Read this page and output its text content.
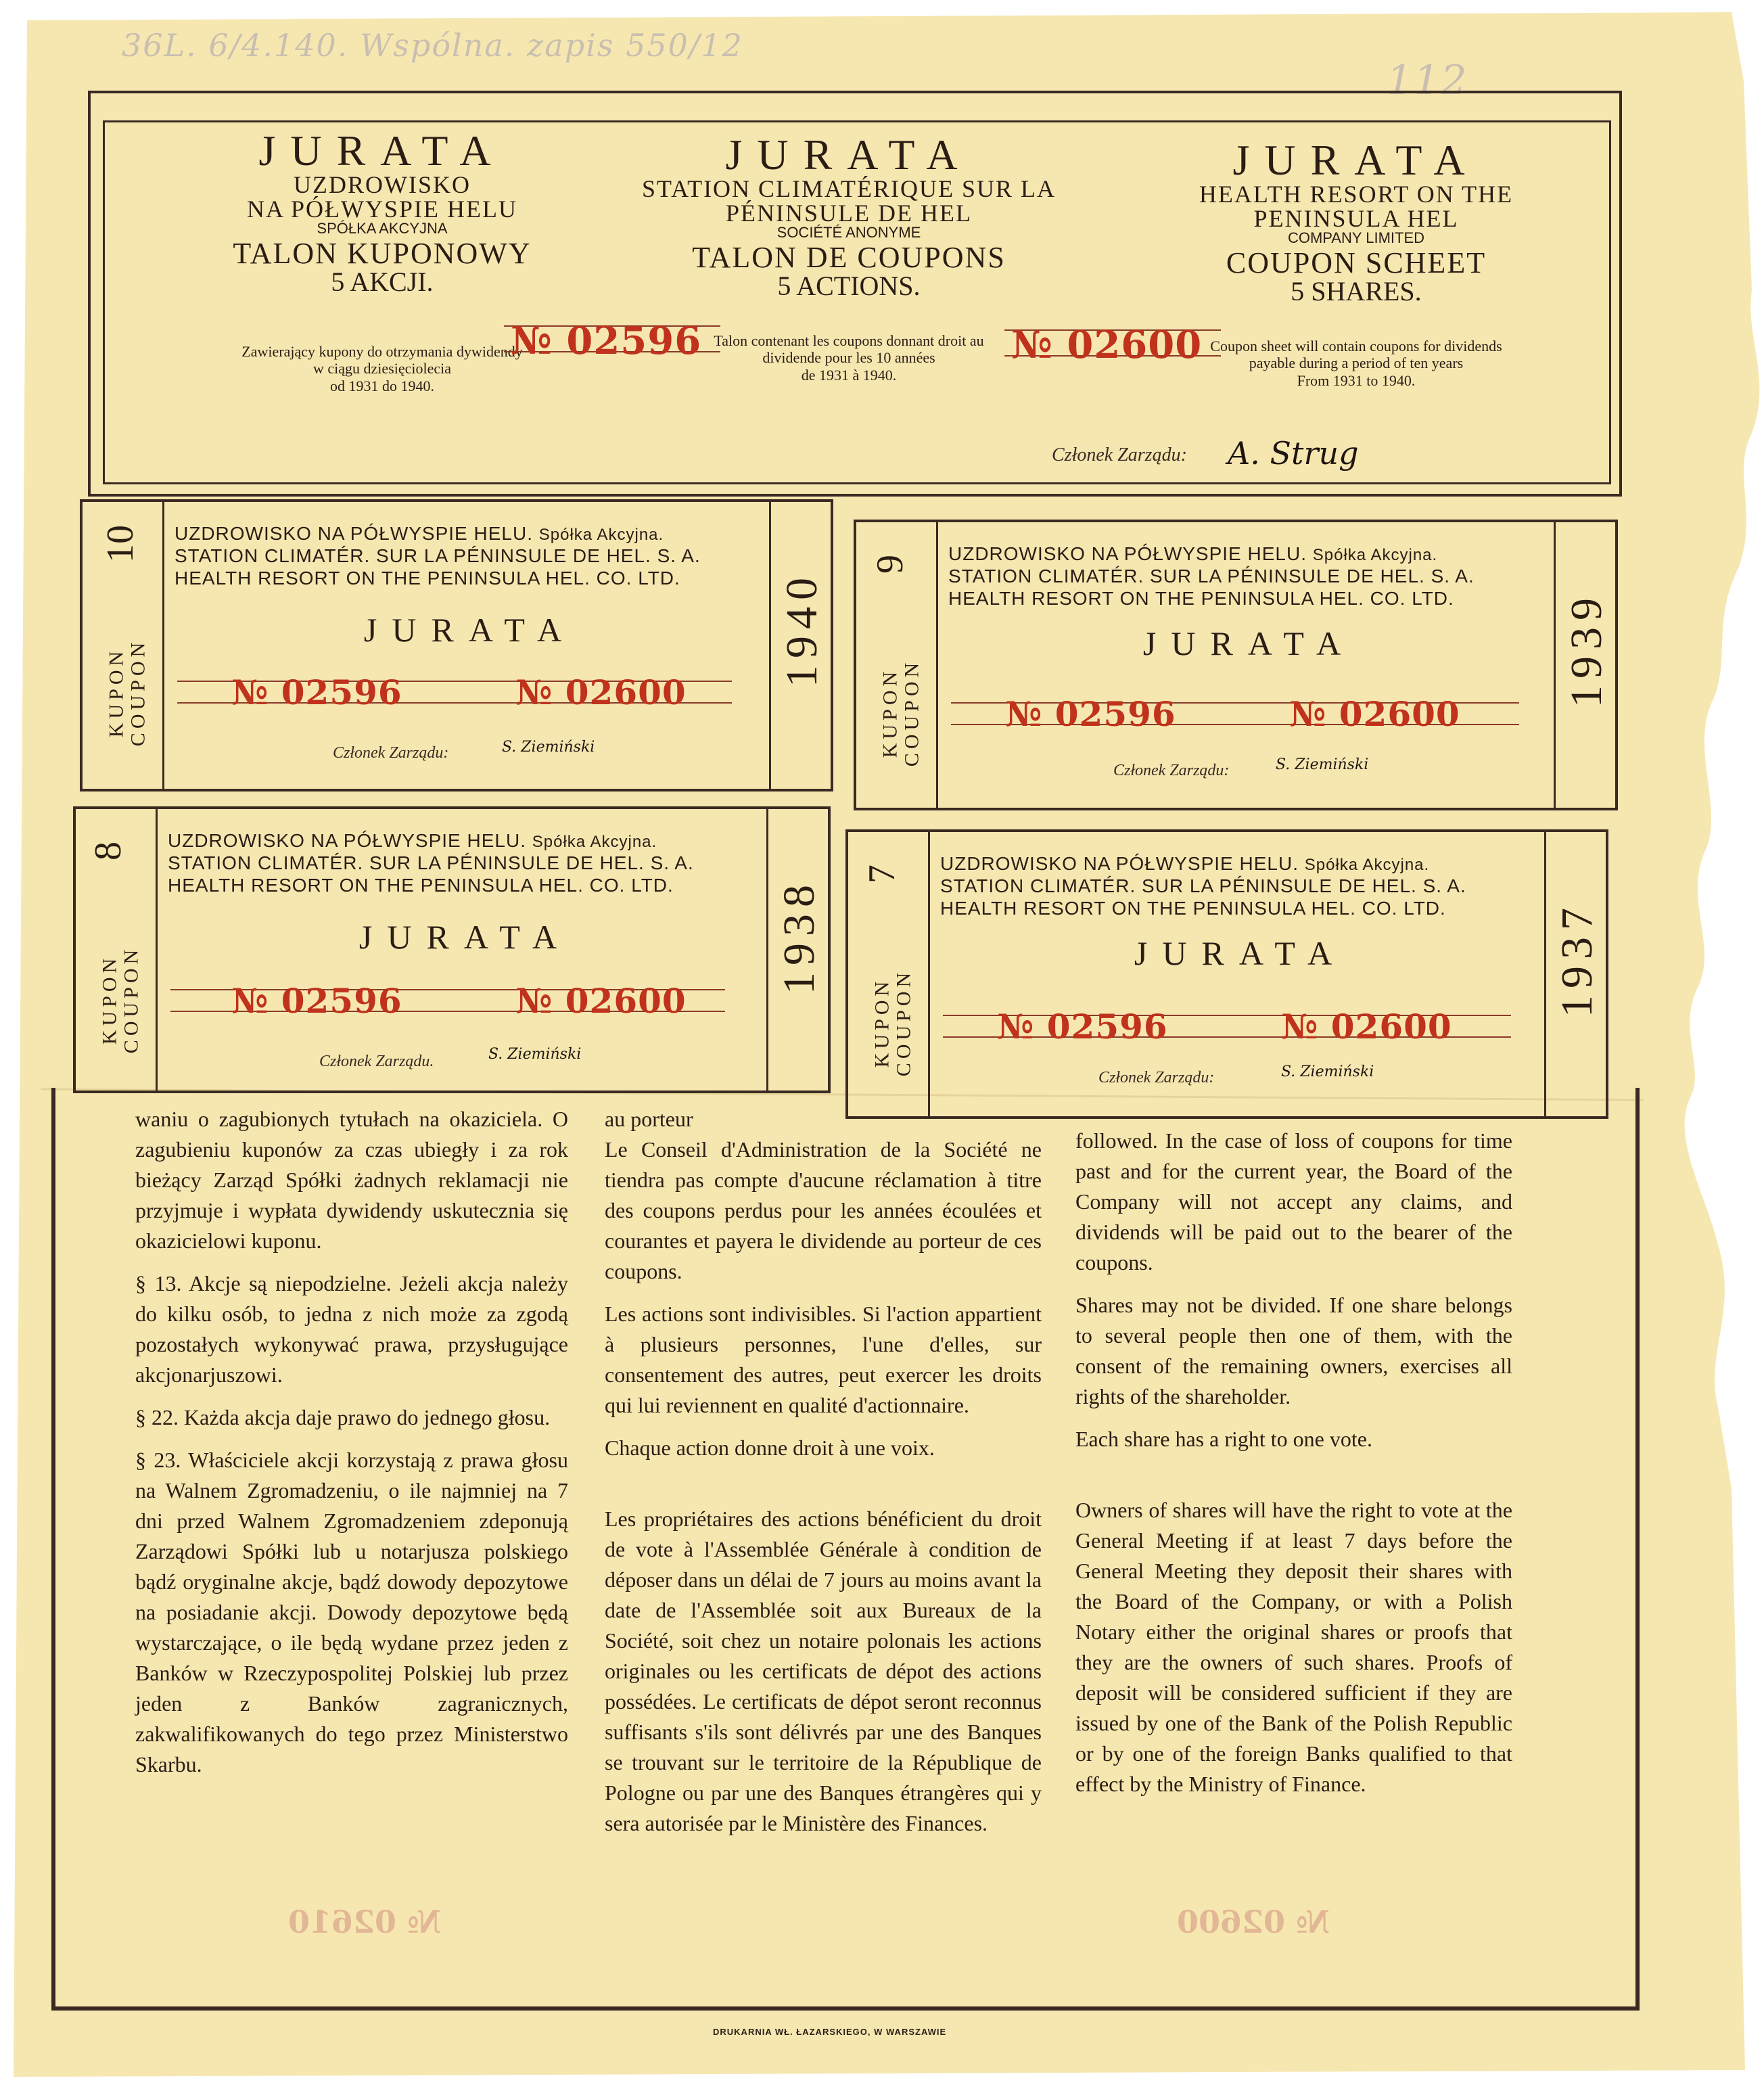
36L. 6/4.140. Wspólna. zapis 550/12
112
JURATA
UZDROWISKO
NA PÓŁWYSPIE HELU
SPÓŁKA AKCYJNA
TALON KUPONOWY
5 AKCJI.
Zawierający kupony do otrzymania dywidendy
w ciągu dziesięciolecia
od 1931 do 1940.
JURATA
STATION CLIMATÉRIQUE SUR LA
PÉNINSULE DE HEL
SOCIÉTÉ ANONYME
TALON DE COUPONS
5 ACTIONS.
Talon contenant les coupons donnant droit au
dividende pour les 10 années
de 1931 à 1940.
JURATA
HEALTH RESORT ON THE
PENINSULA HEL
COMPANY LIMITED
COUPON SCHEET
5 SHARES.
Coupon sheet will contain coupons for dividends
payable during a period of ten years
From 1931 to 1940.
№ 02596	№ 02600
Członek Zarządu: A. Strug
10
KUPON
COUPON
UZDROWISKO NA PÓŁWYSPIE HELU. Spółka Akcyjna.
STATION CLIMATÉR. SUR LA PÉNINSULE DE HEL. S. A.
HEALTH RESORT ON THE PENINSULA HEL. CO. LTD.
JURATA
№ 02596	№ 02600
Członek Zarządu:	S. Ziemiński
1940
9
KUPON
COUPON
UZDROWISKO NA PÓŁWYSPIE HELU. Spółka Akcyjna.
STATION CLIMATÉR. SUR LA PÉNINSULE DE HEL. S. A.
HEALTH RESORT ON THE PENINSULA HEL. CO. LTD.
JURATA
№ 02596	№ 02600
Członek Zarządu:	S. Ziemiński
1939
8
KUPON
COUPON
UZDROWISKO NA PÓŁWYSPIE HELU. Spółka Akcyjna.
STATION CLIMATÉR. SUR LA PÉNINSULE DE HEL. S. A.
HEALTH RESORT ON THE PENINSULA HEL. CO. LTD.
JURATA
№ 02596	№ 02600
Członek Zarządu.	S. Ziemiński
1938
7
KUPON
COUPON
UZDROWISKO NA PÓŁWYSPIE HELU. Spółka Akcyjna.
STATION CLIMATÉR. SUR LA PÉNINSULE DE HEL. S. A.
HEALTH RESORT ON THE PENINSULA HEL. CO. LTD.
JURATA
№ 02596	№ 02600
Członek Zarządu:	S. Ziemiński
1937

waniu o zagubionych tytułach na okaziciela. O zagubieniu kuponów za czas ubiegły i za rok bieżący Zarząd Spółki żadnych reklamacji nie przyjmuje i wypłata dywidendy uskutecznia się okazicielowi kuponu.

§ 13. Akcje są niepodzielne. Jeżeli akcja należy do kilku osób, to jedna z nich może za zgodą pozostałych wykonywać prawa, przysługujące akcjonarjuszowi.

§ 22. Każda akcja daje prawo do jednego głosu.

§ 23. Właściciele akcji korzystają z prawa głosu na Walnem Zgromadzeniu, o ile najmniej na 7 dni przed Walnem Zgromadzeniem zdeponują Zarządowi Spółki lub u notarjusza polskiego bądź oryginalne akcje, bądź dowody depozytowe na posiadanie akcji. Dowody depozytowe będą wystarczające, o ile będą wydane przez jeden z Banków w Rzeczypospolitej Polskiej lub przez jeden z Banków zagranicznych, zakwalifikowanych do tego przez Ministerstwo Skarbu.

au porteur

Le Conseil d'Administration de la Société ne tiendra pas compte d'aucune réclamation à titre des coupons perdus pour les années écoulées et courantes et payera le dividende au porteur de ces coupons.

Les actions sont indivisibles. Si l'action appartient à plusieurs personnes, l'une d'elles, sur consentement des autres, peut exercer les droits qui lui reviennent en qualité d'actionnaire.

Chaque action donne droit à une voix.

Les propriétaires des actions bénéficient du droit de vote à l'Assemblée Générale à condition de déposer dans un délai de 7 jours au moins avant la date de l'Assemblée soit aux Bureaux de la Société, soit chez un notaire polonais les actions originales ou les certificats de dépot des actions possédées. Le certificats de dépot seront reconnus suffisants s'ils sont délivrés par une des Banques se trouvant sur le territoire de la République de Pologne ou par une des Banques étrangères qui y sera autorisée par le Ministère des Finances.

followed. In the case of loss of coupons for time past and for the current year, the Board of the Company will not accept any claims, and dividends will be paid out to the bearer of the coupons.

Shares may not be divided. If one share belongs to several people then one of them, with the consent of the remaining owners, exercises all rights of the shareholder.

Each share has a right to one vote.

Owners of shares will have the right to vote at the General Meeting if at least 7 days before the General Meeting they deposit their shares with the Board of the Company, or with a Polish Notary either the original shares or proofs that they are the owners of such shares. Proofs of deposit will be considered sufficient if they are issued by one of the Bank of the Polish Republic or by one of the foreign Banks qualified to that effect by the Ministry of Finance.

№ 02610	№ 02600
DRUKARNIA WŁ. ŁAZARSKIEGO, W WARSZAWIE
